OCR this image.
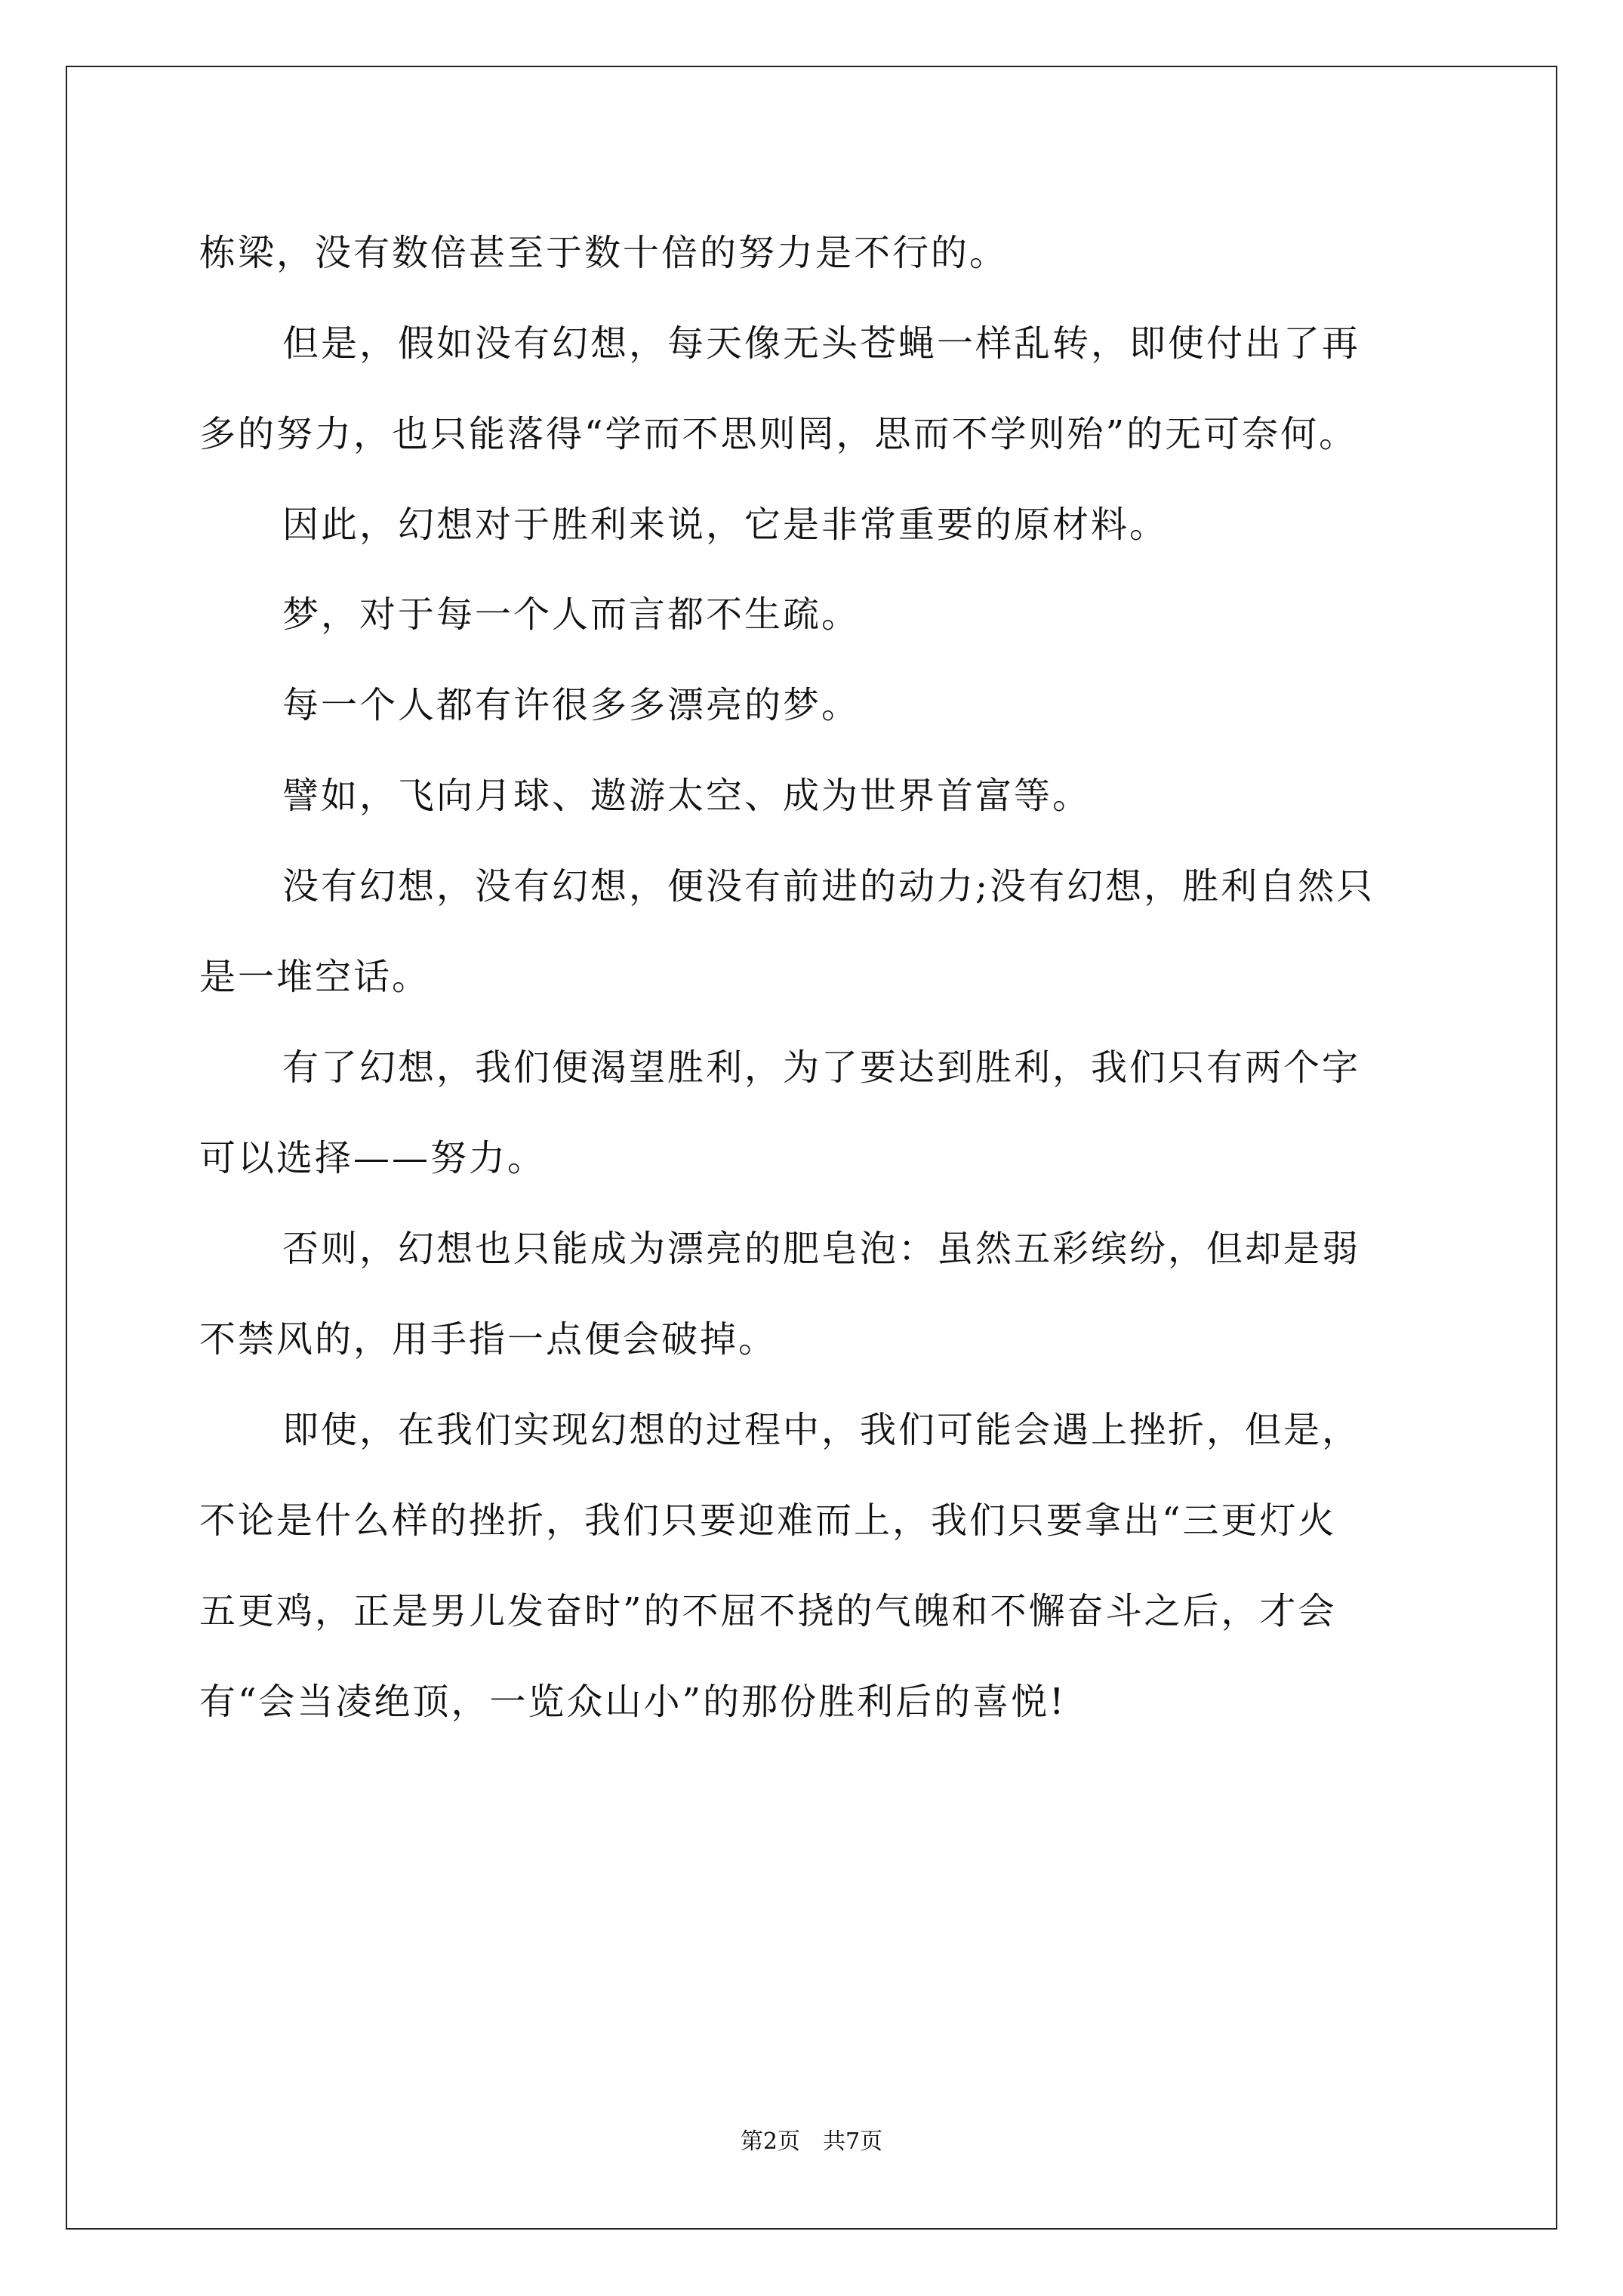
栋梁，没有数倍甚至于数十倍的努力是不行的。

但是，假如没有幻想，每天像无头苍蝇一样乱转，即使付出了再

多的努力，也只能落得“学而不思则罔，思而不学则殆”的无可奈何。

因此，幻想对于胜利来说，它是非常重要的原材料。

梦，对于每一个人而言都不生疏。

每一个人都有许很多多漂亮的梦。

譬如，飞向月球、遨游太空、成为世界首富等。

没有幻想，没有幻想，便没有前进的动力;没有幻想，胜利自然只

是一堆空话。

有了幻想，我们便渴望胜利，为了要达到胜利，我们只有两个字

可以选择——努力。

否则，幻想也只能成为漂亮的肥皂泡：虽然五彩缤纷，但却是弱

不禁风的，用手指一点便会破掉。

即使，在我们实现幻想的过程中，我们可能会遇上挫折，但是，

不论是什么样的挫折，我们只要迎难而上，我们只要拿出“三更灯火

五更鸡，正是男儿发奋时”的不屈不挠的气魄和不懈奋斗之后，才会

有“会当凌绝顶，一览众山小”的那份胜利后的喜悦!

第2页　共7页
